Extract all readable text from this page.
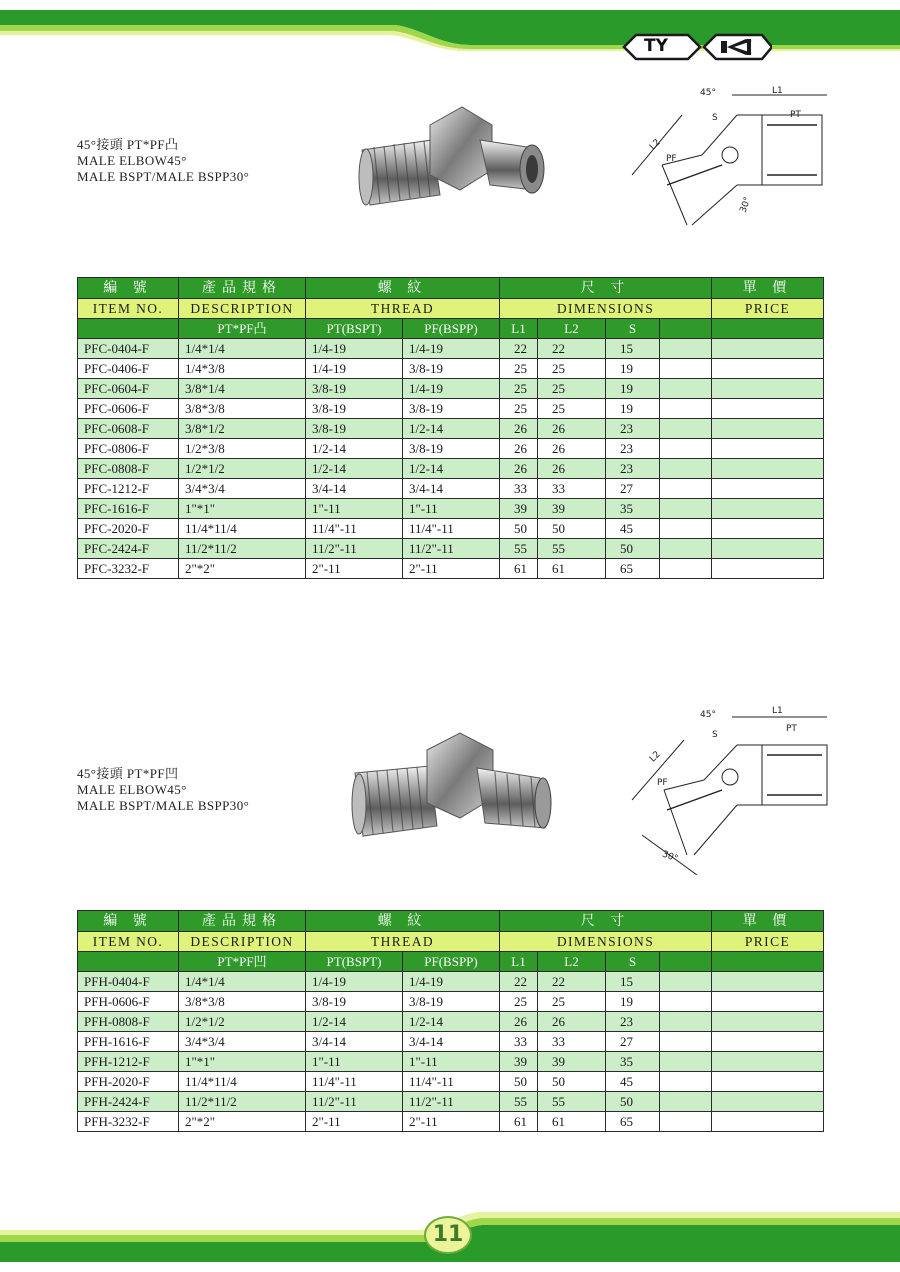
TY
45°接頭 PT*PF凸
MALE ELBOW45°
MALE BSPT/MALE BSPP30°
45°	L1
PT
S
L2
PF
30°
編 號	產品規格	螺 紋		尺 寸				單 價
ITEM NO.	DESCRIPTION	THREAD		DIMENSIONS				PRICE
	PT*PF凸	PT(BSPT)	PF(BSPP)	L1	L2	S		
PFC-0404-F	1/4*1/4	1/4-19	1/4-19	22	22	15		
PFC-0406-F	1/4*3/8	1/4-19	3/8-19	25	25	19		
PFC-0604-F	3/8*1/4	3/8-19	1/4-19	25	25	19		
PFC-0606-F	3/8*3/8	3/8-19	3/8-19	25	25	19		
PFC-0608-F	3/8*1/2	3/8-19	1/2-14	26	26	23		
PFC-0806-F	1/2*3/8	1/2-14	3/8-19	26	26	23		
PFC-0808-F	1/2*1/2	1/2-14	1/2-14	26	26	23		
PFC-1212-F	3/4*3/4	3/4-14	3/4-14	33	33	27		
PFC-1616-F	1"*1"	1"-11	1"-11	39	39	35		
PFC-2020-F	11/4*11/4	11/4"-11	11/4"-11	50	50	45		
PFC-2424-F	11/2*11/2	11/2"-11	11/2"-11	55	55	50		
PFC-3232-F	2"*2"	2"-11	2"-11	61	61	65		
45°接頭 PT*PF凹
MALE ELBOW45°
MALE BSPT/MALE BSPP30°
45°	L1
PT
S
L2
PF
30°
編 號	產品規格	螺 紋		尺 寸				單 價
ITEM NO.	DESCRIPTION	THREAD		DIMENSIONS				PRICE
	PT*PF凹	PT(BSPT)	PF(BSPP)	L1	L2	S		
PFH-0404-F	1/4*1/4	1/4-19	1/4-19	22	22	15		
PFH-0606-F	3/8*3/8	3/8-19	3/8-19	25	25	19		
PFH-0808-F	1/2*1/2	1/2-14	1/2-14	26	26	23		
PFH-1616-F	3/4*3/4	3/4-14	3/4-14	33	33	27		
PFH-1212-F	1"*1"	1"-11	1"-11	39	39	35		
PFH-2020-F	11/4*11/4	11/4"-11	11/4"-11	50	50	45		
PFH-2424-F	11/2*11/2	11/2"-11	11/2"-11	55	55	50		
PFH-3232-F	2"*2"	2"-11	2"-11	61	61	65		
11
